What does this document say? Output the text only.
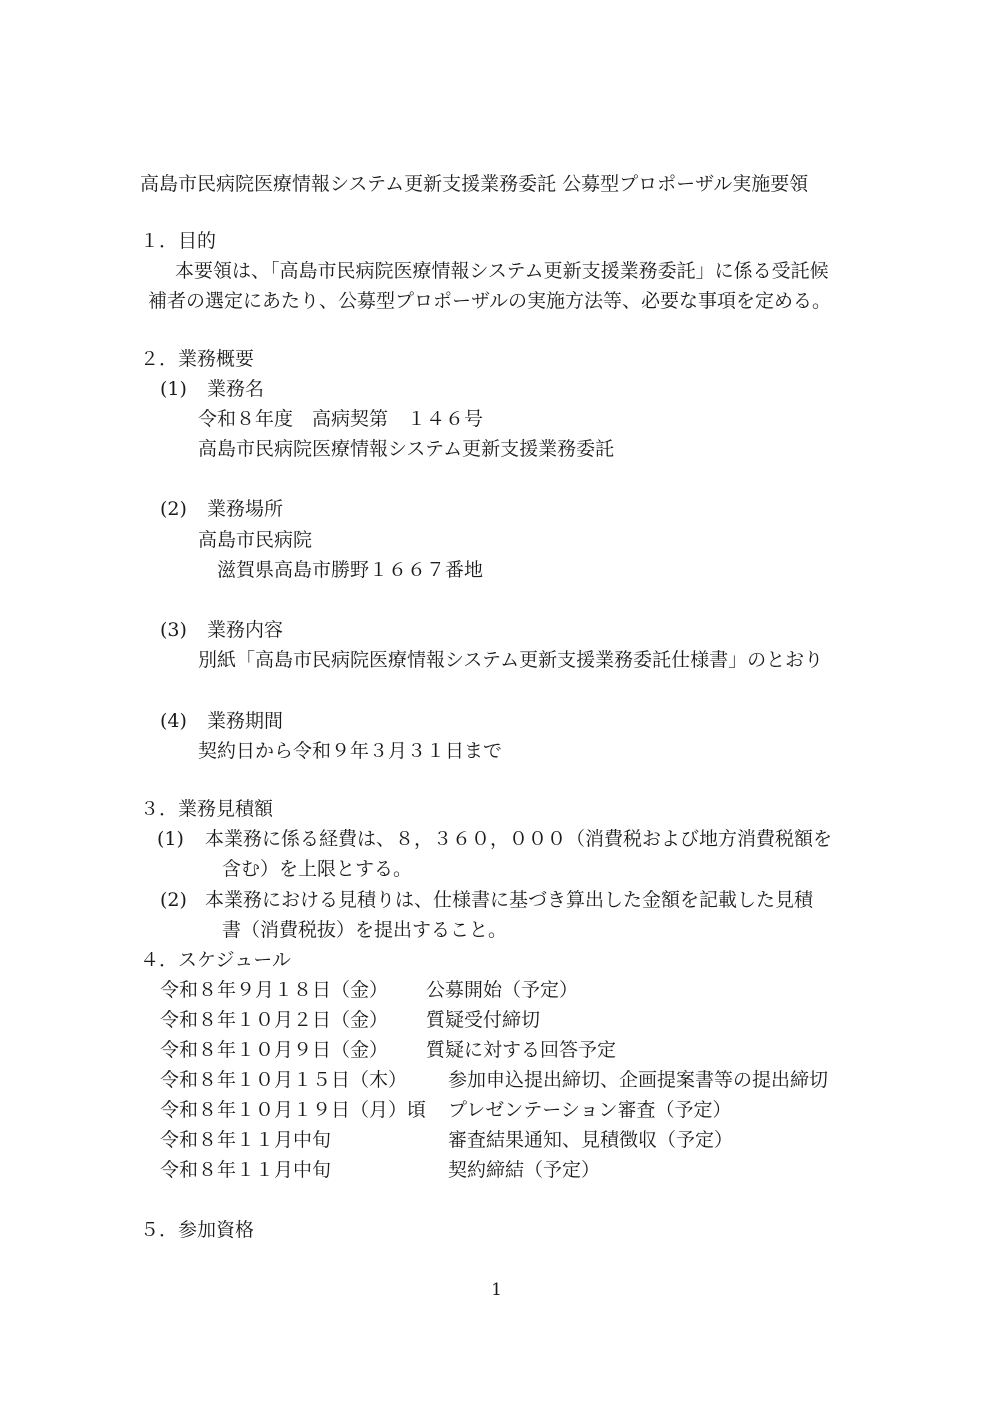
高島市民病院医療情報システム更新支援業務委託 公募型プロポーザル実施要領
１．目的
本要領は、「高島市民病院医療情報システム更新支援業務委託」に係る受託候
補者の選定にあたり、公募型プロポーザルの実施方法等、必要な事項を定める。
２．業務概要
(1) 業務名
令和８年度　高病契第　１４６号
高島市民病院医療情報システム更新支援業務委託
(2) 業務場所
高島市民病院
滋賀県高島市勝野１６６７番地
(3) 業務内容
別紙「高島市民病院医療情報システム更新支援業務委託仕様書」のとおり
(4) 業務期間
契約日から令和９年３月３１日まで
３．業務見積額
(1) 本業務に係る経費は、８，３６０，０００（消費税および地方消費税額を
含む）を上限とする。
(2) 本業務における見積りは、仕様書に基づき算出した金額を記載した見積
書（消費税抜）を提出すること。
４．スケジュール
令和８年９月１８日（金） 公募開始（予定）
令和８年１０月２日（金） 質疑受付締切
令和８年１０月９日（金） 質疑に対する回答予定
令和８年１０月１５日（木） 参加申込提出締切、企画提案書等の提出締切
令和８年１０月１９日（月）頃 プレゼンテーション審査（予定）
令和８年１１月中旬	審査結果通知、見積徴収（予定）
令和８年１１月中旬	契約締結（予定）
５．参加資格
1
